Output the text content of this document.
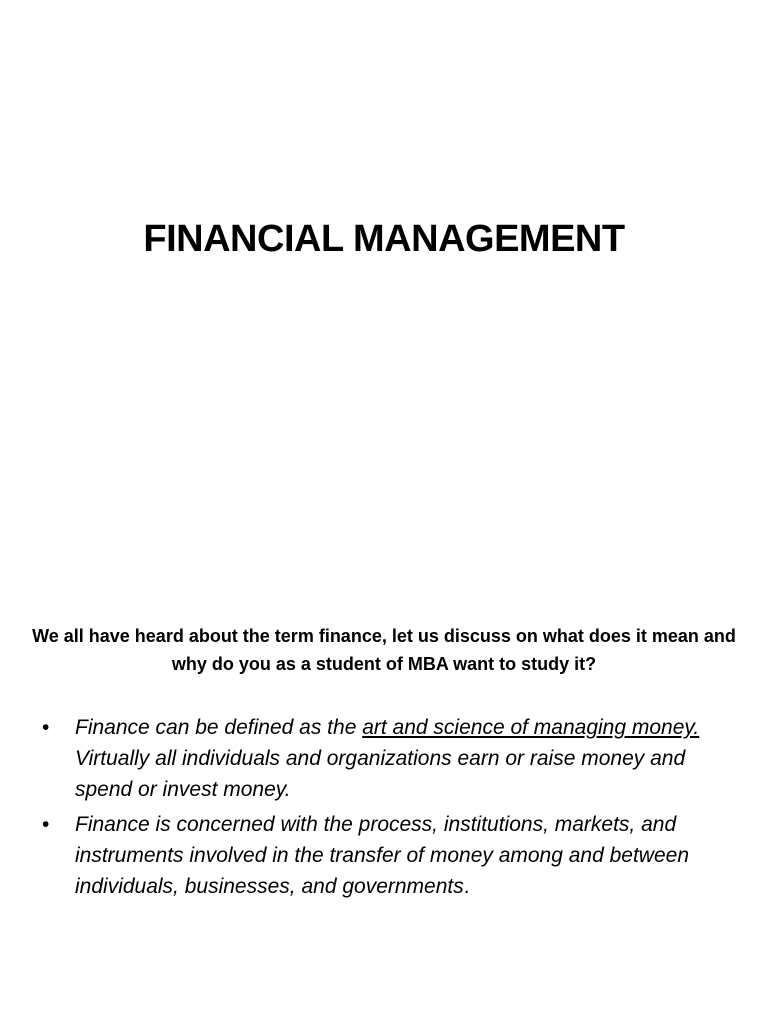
FINANCIAL MANAGEMENT

We all have heard about the term finance, let us discuss on what does it mean and why do you as a student of MBA want to study it?

• Finance can be defined as the art and science of managing money. Virtually all individuals and organizations earn or raise money and spend or invest money.
• Finance is concerned with the process, institutions, markets, and instruments involved in the transfer of money among and between individuals, businesses, and governments.
